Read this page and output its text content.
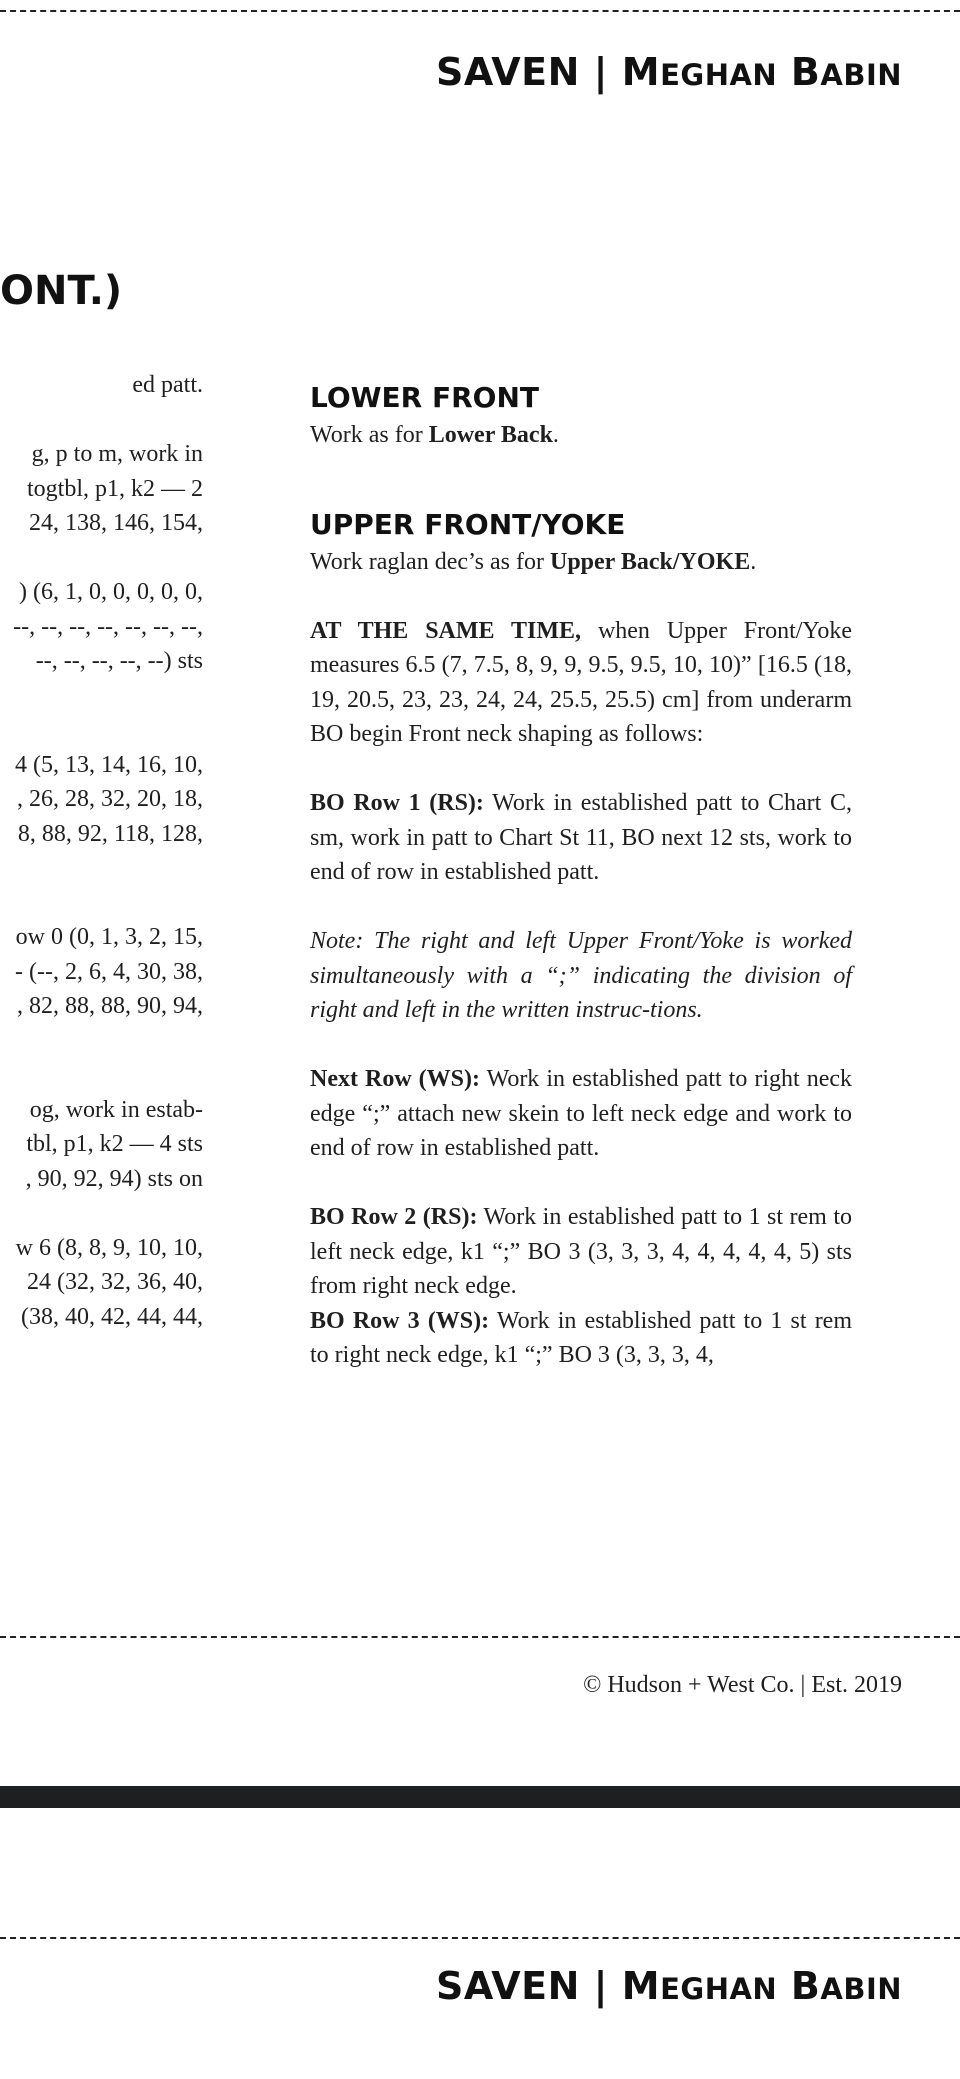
SAVEN | MEGHAN BABIN
ONT.)
ed patt.
g, p to m, work in
togtbl, p1, k2 — 2
24, 138, 146, 154,
) (6, 1, 0, 0, 0, 0, 0,
--, --, --, --, --, --, --,
--, --, --, --, --) sts
4 (5, 13, 14, 16, 10,
, 26, 28, 32, 20, 18,
8, 88, 92, 118, 128,
ow 0 (0, 1, 3, 2, 15,
- (--, 2, 6, 4, 30, 38,
, 82, 88, 88, 90, 94,
og, work in estab-
tbl, p1, k2 — 4 sts
, 90, 92, 94) sts on
w 6 (8, 8, 9, 10, 10,
24 (32, 32, 36, 40,
(38, 40, 42, 44, 44,
LOWER FRONT

Work as for Lower Back.

UPPER FRONT/YOKE

Work raglan dec’s as for Upper Back/YOKE.

AT THE SAME TIME, when Upper Front/Yoke measures 6.5 (7, 7.5, 8, 9, 9, 9.5, 9.5, 10, 10)” [16.5 (18, 19, 20.5, 23, 23, 24, 24, 25.5, 25.5) cm] from underarm BO begin Front neck shaping as follows:

BO Row 1 (RS): Work in established patt to Chart C, sm, work in patt to Chart St 11, BO next 12 sts, work to end of row in established patt.

Note: The right and left Upper Front/Yoke is worked simultaneously with a “;” indicating the division of right and left in the written instruc-tions.

Next Row (WS): Work in established patt to right neck edge “;” attach new skein to left neck edge and work to end of row in established patt.

BO Row 2 (RS): Work in established patt to 1 st rem to left neck edge, k1 “;” BO 3 (3, 3, 3, 4, 4, 4, 4, 4, 5) sts from right neck edge.

BO Row 3 (WS): Work in established patt to 1 st rem to right neck edge, k1 “;” BO 3 (3, 3, 3, 4,

© Hudson + West Co. | Est. 2019
SAVEN | MEGHAN BABIN
